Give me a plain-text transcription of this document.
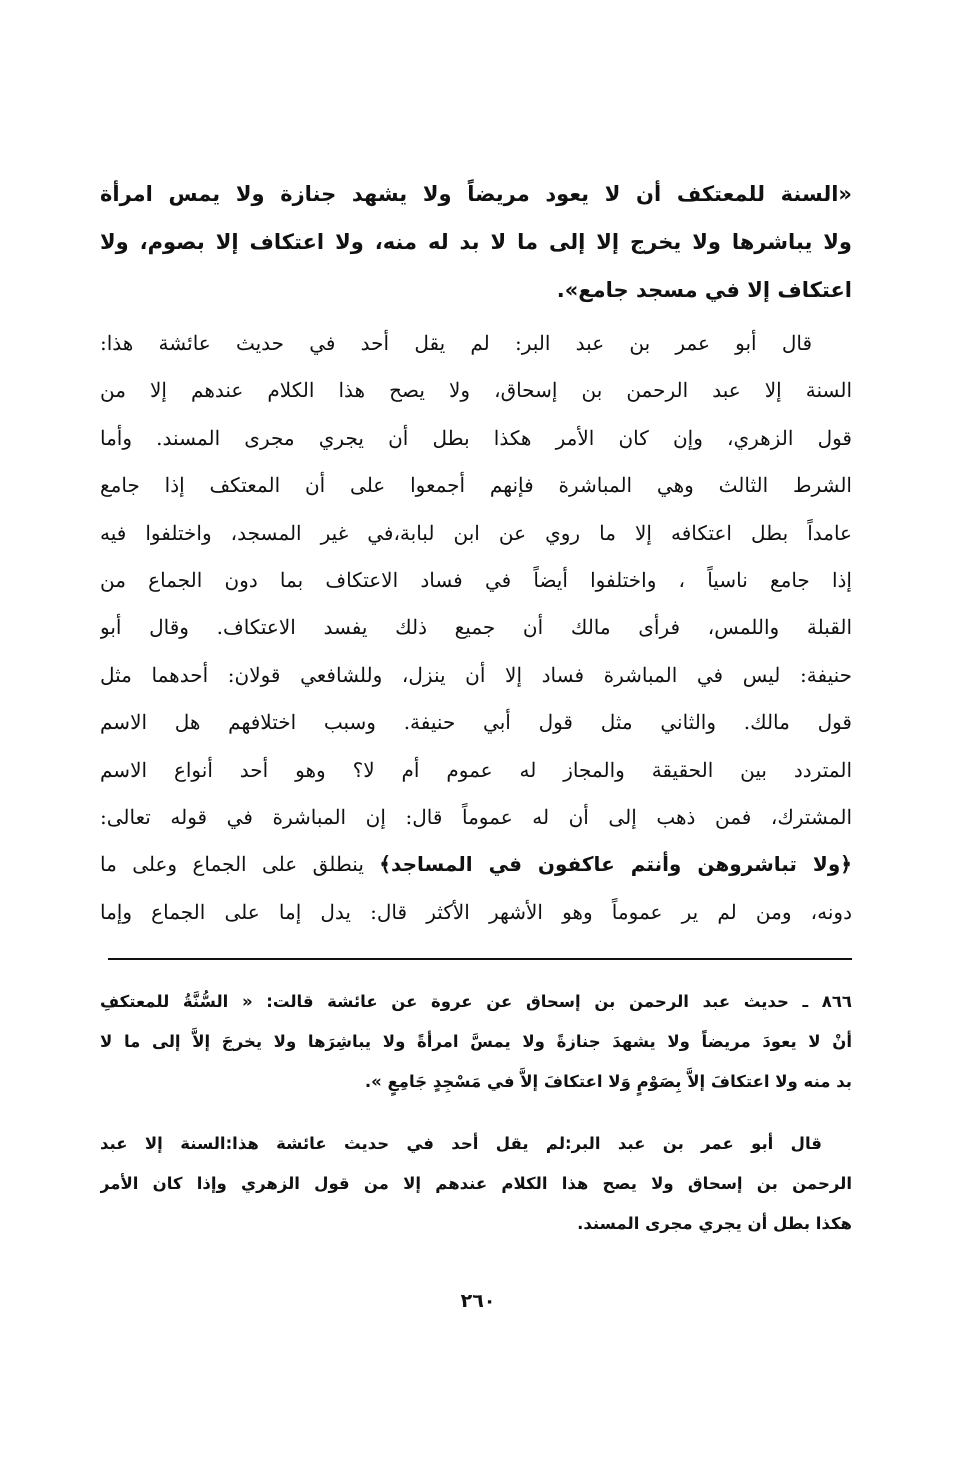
«السنة للمعتكف أن لا يعود مريضاً ولا يشهد جنازة ولا يمس امرأة
ولا يباشرها ولا يخرج إلا إلى ما لا بد له منه، ولا اعتكاف إلا بصوم، ولا
اعتكاف إلا في مسجد جامع».
قال أبو عمر بن عبد البر: لم يقل أحد في حديث عائشة هذا:
السنة إلا عبد الرحمن بن إسحاق، ولا يصح هذا الكلام عندهم إلا من
قول الزهري، وإن كان الأمر هكذا بطل أن يجري مجرى المسند. وأما
الشرط الثالث وهي المباشرة فإنهم أجمعوا على أن المعتكف إذا جامع
عامداً بطل اعتكافه إلا ما روي عن ابن لبابة،في غير المسجد، واختلفوا فيه
إذا جامع ناسياً ، واختلفوا أيضاً في فساد الاعتكاف بما دون الجماع من
القبلة واللمس، فرأى مالك أن جميع ذلك يفسد الاعتكاف. وقال أبو
حنيفة: ليس في المباشرة فساد إلا أن ينزل، وللشافعي قولان: أحدهما مثل
قول مالك. والثاني مثل قول أبي حنيفة. وسبب اختلافهم هل الاسم
المتردد بين الحقيقة والمجاز له عموم أم لا؟ وهو أحد أنواع الاسم
المشترك، فمن ذهب إلى أن له عموماً قال: إن المباشرة في قوله تعالى:
﴿ولا تباشروهن وأنتم عاكفون في المساجد﴾ ينطلق على الجماع وعلى ما
دونه، ومن لم ير عموماً وهو الأشهر الأكثر قال: يدل إما على الجماع وإما
٨٦٦ ـ حديث عبد الرحمن بن إسحاق عن عروة عن عائشة قالت: « السُّنَّةُ للمعتكفِ
أنْ لا يعودَ مريضاً ولا يشهدَ جنازةً ولا يمسَّ امرأةً ولا يباشِرَها ولا يخرجَ إلاَّ إلى ما لا
بد منه ولا اعتكافَ إلاَّ بِصَوْمٍ وَلا اعتكافَ إلاَّ في مَسْجِدٍ جَامِعٍ ».
قال أبو عمر بن عبد البر:لم يقل أحد في حديث عائشة هذا:السنة إلا عبد
الرحمن بن إسحاق ولا يصح هذا الكلام عندهم إلا من قول الزهري وإذا كان الأمر
هكذا بطل أن يجري مجرى المسند.
٢٦٠
